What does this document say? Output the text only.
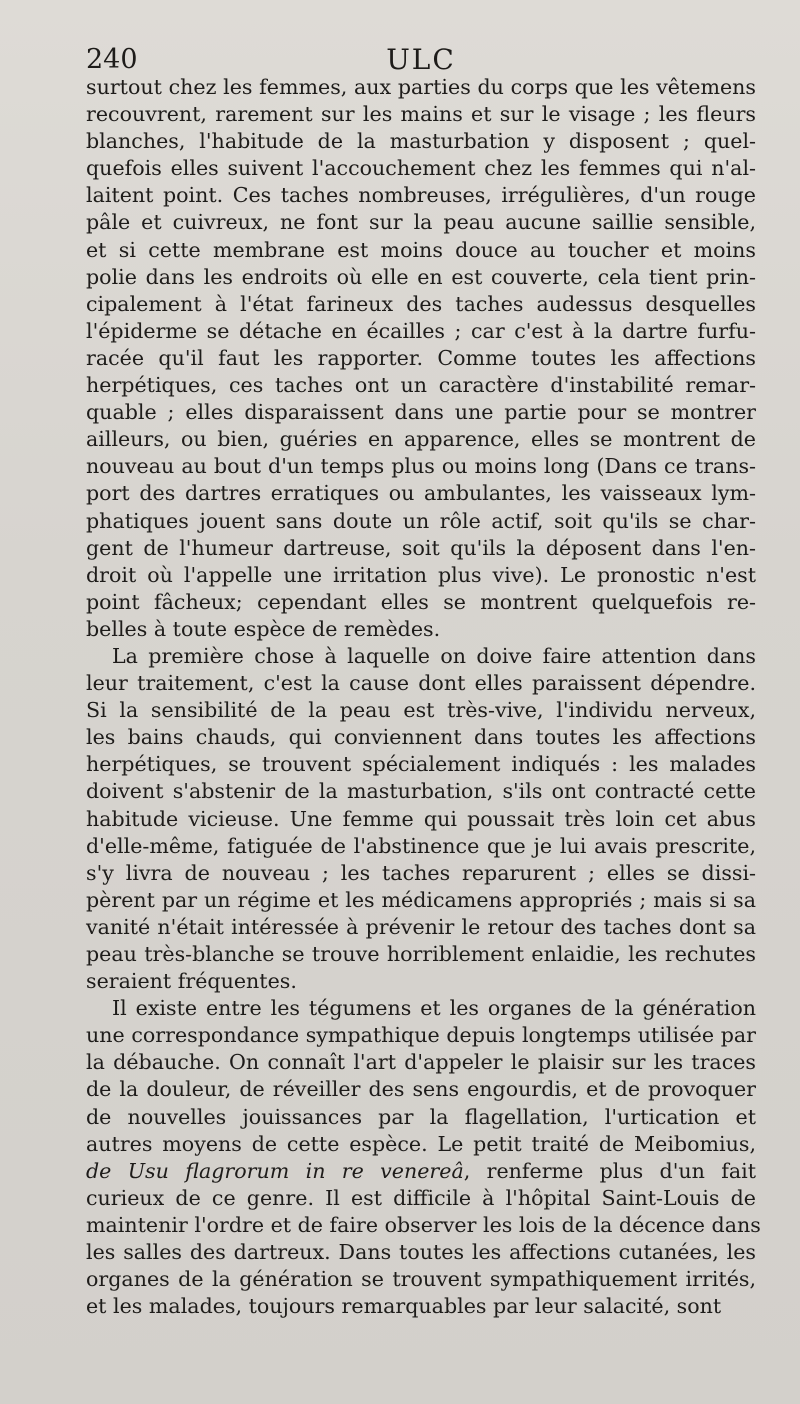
240	ULC

surtout chez les femmes, aux parties du corps que les vêtemens
recouvrent, rarement sur les mains et sur le visage ; les fleurs
blanches, l'habitude de la masturbation y disposent ; quel-
quefois elles suivent l'accouchement chez les femmes qui n'al-
laitent point. Ces taches nombreuses, irrégulières, d'un rouge
pâle et cuivreux, ne font sur la peau aucune saillie sensible,
et si cette membrane est moins douce au toucher et moins
polie dans les endroits où elle en est couverte, cela tient prin-
cipalement à l'état farineux des taches audessus desquelles
l'épiderme se détache en écailles ; car c'est à la dartre furfu-
racée qu'il faut les rapporter. Comme toutes les affections
herpétiques, ces taches ont un caractère d'instabilité remar-
quable ; elles disparaissent dans une partie pour se montrer
ailleurs, ou bien, guéries en apparence, elles se montrent de
nouveau au bout d'un temps plus ou moins long (Dans ce trans-
port des dartres erratiques ou ambulantes, les vaisseaux lym-
phatiques jouent sans doute un rôle actif, soit qu'ils se char-
gent de l'humeur dartreuse, soit qu'ils la déposent dans l'en-
droit où l'appelle une irritation plus vive). Le pronostic n'est
point fâcheux; cependant elles se montrent quelquefois re-
belles à toute espèce de remèdes.

La première chose à laquelle on doive faire attention dans
leur traitement, c'est la cause dont elles paraissent dépendre.
Si la sensibilité de la peau est très-vive, l'individu nerveux,
les bains chauds, qui conviennent dans toutes les affections
herpétiques, se trouvent spécialement indiqués : les malades
doivent s'abstenir de la masturbation, s'ils ont contracté cette
habitude vicieuse. Une femme qui poussait très loin cet abus
d'elle-même, fatiguée de l'abstinence que je lui avais prescrite,
s'y livra de nouveau ; les taches reparurent ; elles se dissi-
pèrent par un régime et les médicamens appropriés ; mais si sa
vanité n'était intéressée à prévenir le retour des taches dont sa
peau très-blanche se trouve horriblement enlaidie, les rechutes
seraient fréquentes.

Il existe entre les tégumens et les organes de la génération
une correspondance sympathique depuis longtemps utilisée par
la débauche. On connaît l'art d'appeler le plaisir sur les traces
de la douleur, de réveiller des sens engourdis, et de provoquer
de nouvelles jouissances par la flagellation, l'urtication et
autres moyens de cette espèce. Le petit traité de Meibomius,
de Usu flagrorum in re venereâ, renferme plus d'un fait
curieux de ce genre. Il est difficile à l'hôpital Saint-Louis de
maintenir l'ordre et de faire observer les lois de la décence dans
les salles des dartreux. Dans toutes les affections cutanées, les
organes de la génération se trouvent sympathiquement irrités,
et les malades, toujours remarquables par leur salacité, sont
